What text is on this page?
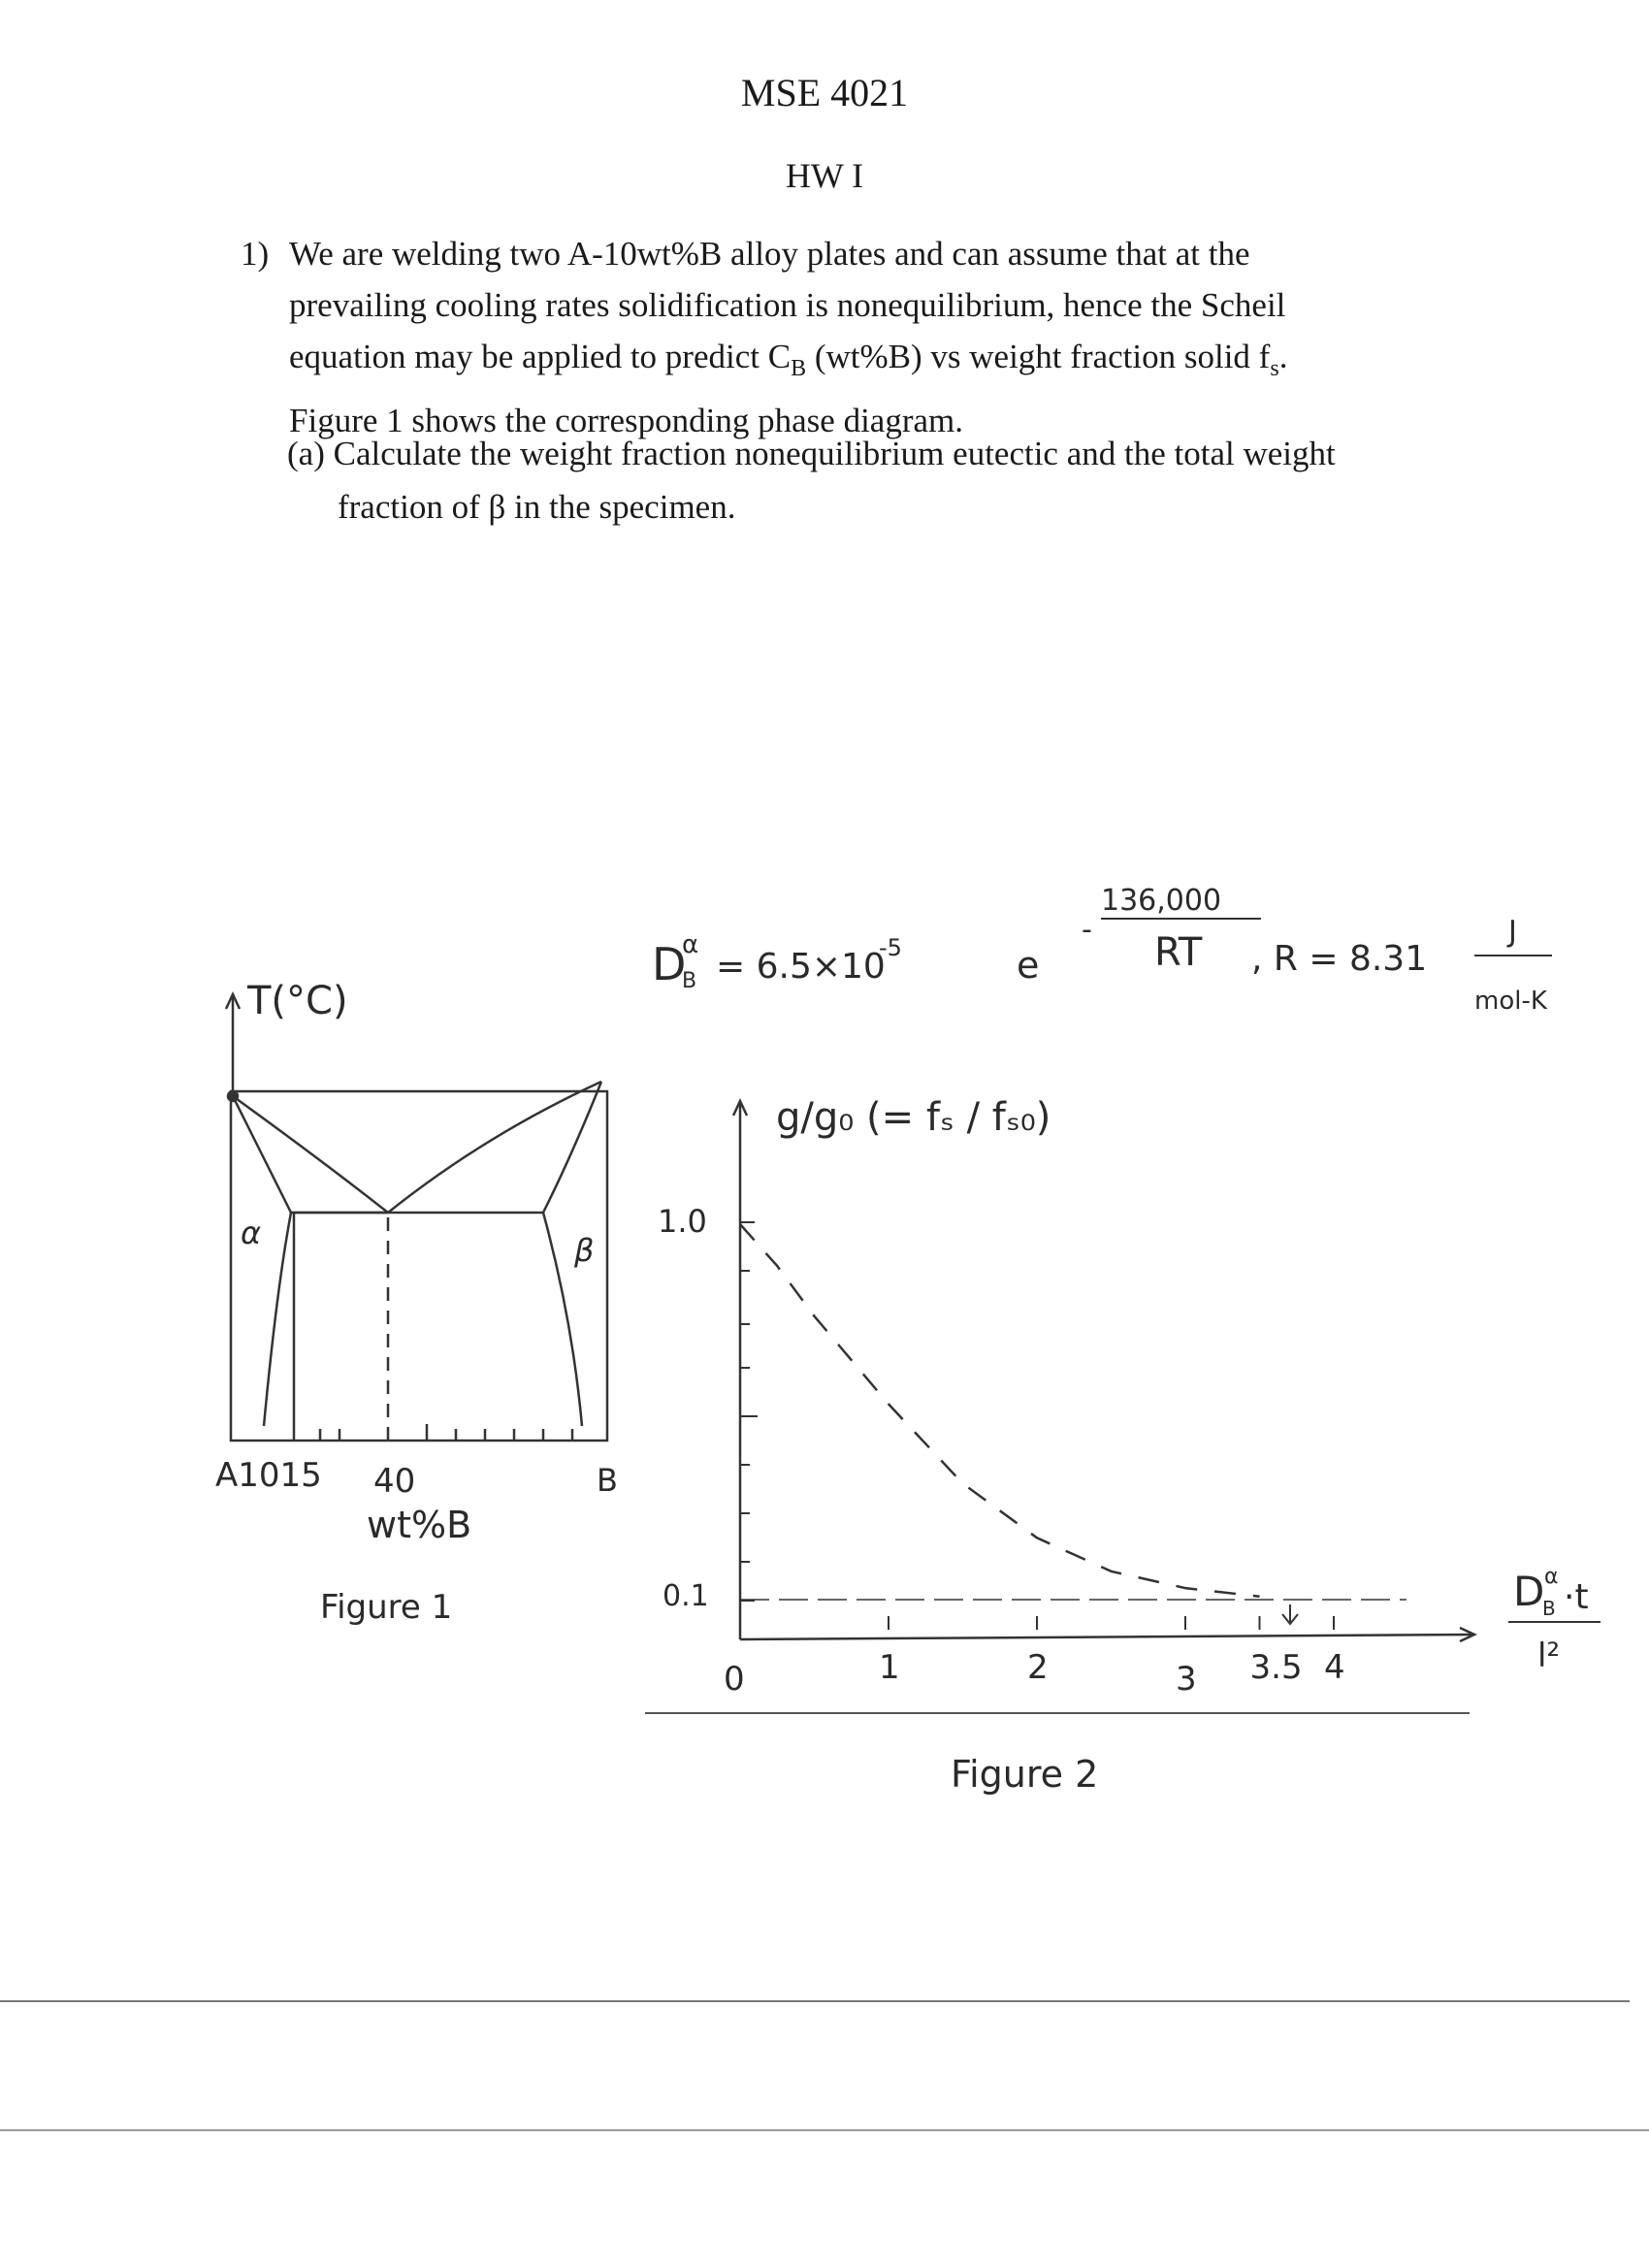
MSE 4021
HW I
1) We are welding two A-10wt%B alloy plates and can assume that at the
prevailing cooling rates solidification is nonequilibrium, hence the Scheil
equation may be applied to predict $C_B$ (wt%B) vs weight fraction solid $f_s$.
Figure 1 shows the corresponding phase diagram.
(a) Calculate the weight fraction nonequilibrium eutectic and the total weight
fraction of β in the specimen.
T(°C)
α	β
A1015 40	B
wt%B
Figure 1
D
α
B = 6.5×10
-5	e
-
136,000
RT , R = 8.31
J
mol-K
0	1	2	3 3.5 4
g/g₀ (= fₛ / fₛ₀)
1.0
0.1	D α
B ·t
l²
Figure 2
